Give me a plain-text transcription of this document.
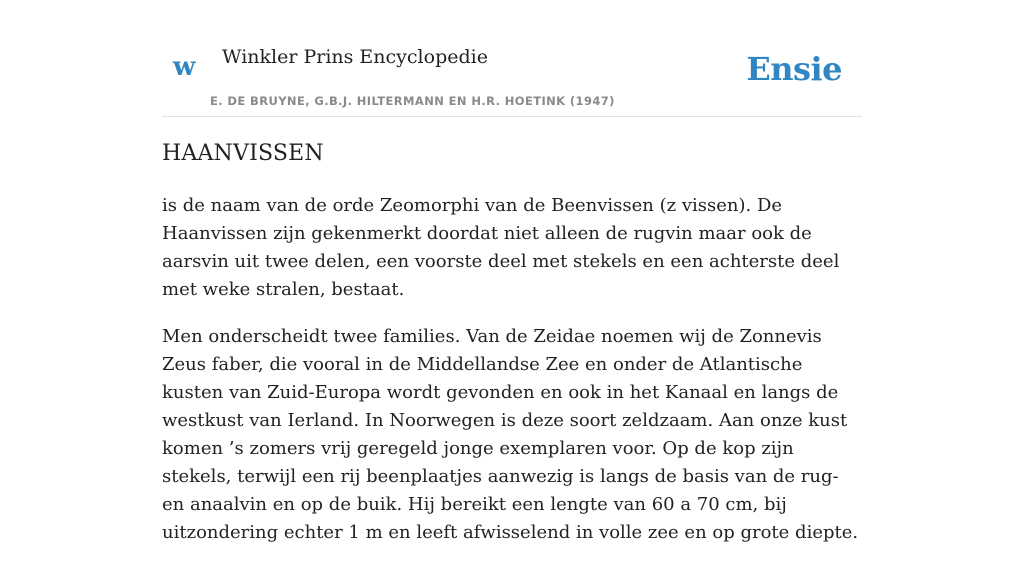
w Winkler Prins Encyclopedie
E. DE BRUYNE, G.B.J. HILTERMANN EN H.R. HOETINK (1947)
Ensie
HAANVISSEN

is de naam van de orde Zeomorphi van de Beenvissen (z vissen). De Haanvissen zijn gekenmerkt doordat niet alleen de rugvin maar ook de aarsvin uit twee delen, een voorste deel met stekels en een achterste deel met weke stralen, bestaat.

Men onderscheidt twee families. Van de Zeidae noemen wij de Zonnevis Zeus faber, die vooral in de Middellandse Zee en onder de Atlantische kusten van Zuid-Europa wordt gevonden en ook in het Kanaal en langs de westkust van Ierland. In Noorwegen is deze soort zeldzaam. Aan onze kust komen ’s zomers vrij geregeld jonge exemplaren voor. Op de kop zijn stekels, terwijl een rij beenplaatjes aanwezig is langs de basis van de rug- en anaalvin en op de buik. Hij bereikt een lengte van 60 a 70 cm, bij uitzondering echter 1 m en leeft afwisselend in volle zee en op grote diepte.
